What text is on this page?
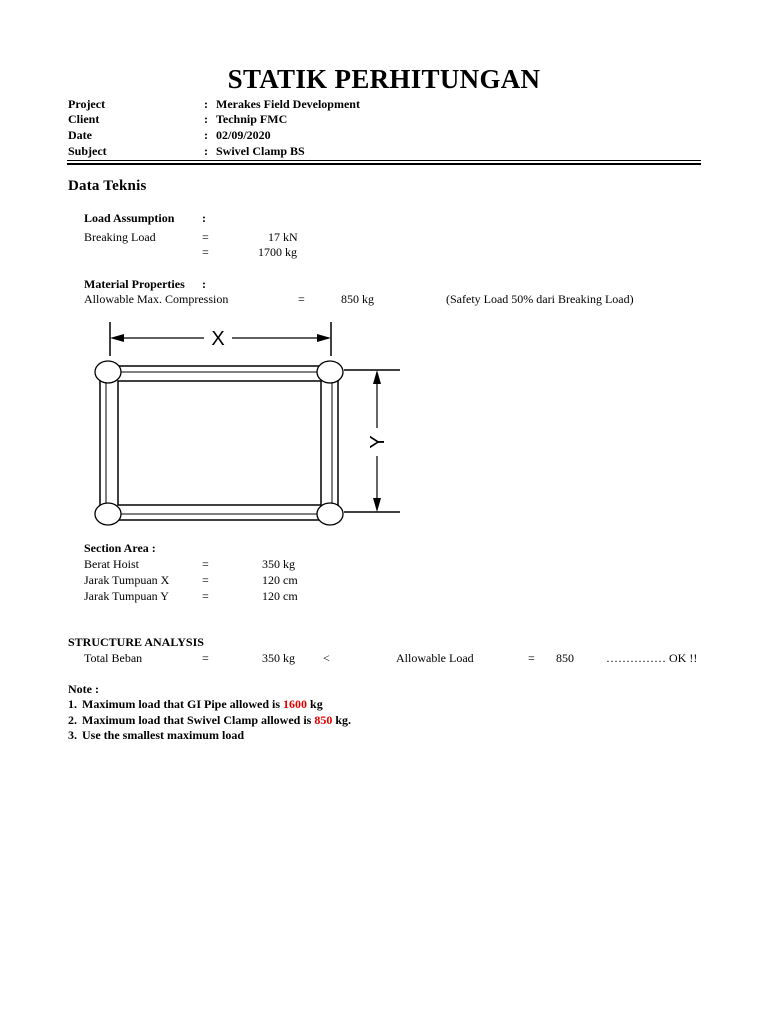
STATIK PERHITUNGAN
Project	: Merakes Field Development
Client	: Technip FMC
Date	: 02/09/2020
Subject	: Swivel Clamp BS
Data Teknis
Load Assumption :
Breaking Load	=	17 kN
=	1700 kg
Material Properties :
Allowable Max. Compression	=	850 kg	(Safety Load 50% dari Breaking Load)
X
Y
Section Area :
Berat Hoist	=	350 kg
Jarak Tumpuan X	=	120 cm
Jarak Tumpuan Y	=	120 cm
STRUCTURE ANALYSIS
Total Beban	=	350 kg <	Allowable Load	= 850	…………… OK !!
Note :
1. Maximum load that GI Pipe allowed is 1600 kg
2. Maximum load that Swivel Clamp allowed is 850 kg.
3. Use the smallest maximum load
